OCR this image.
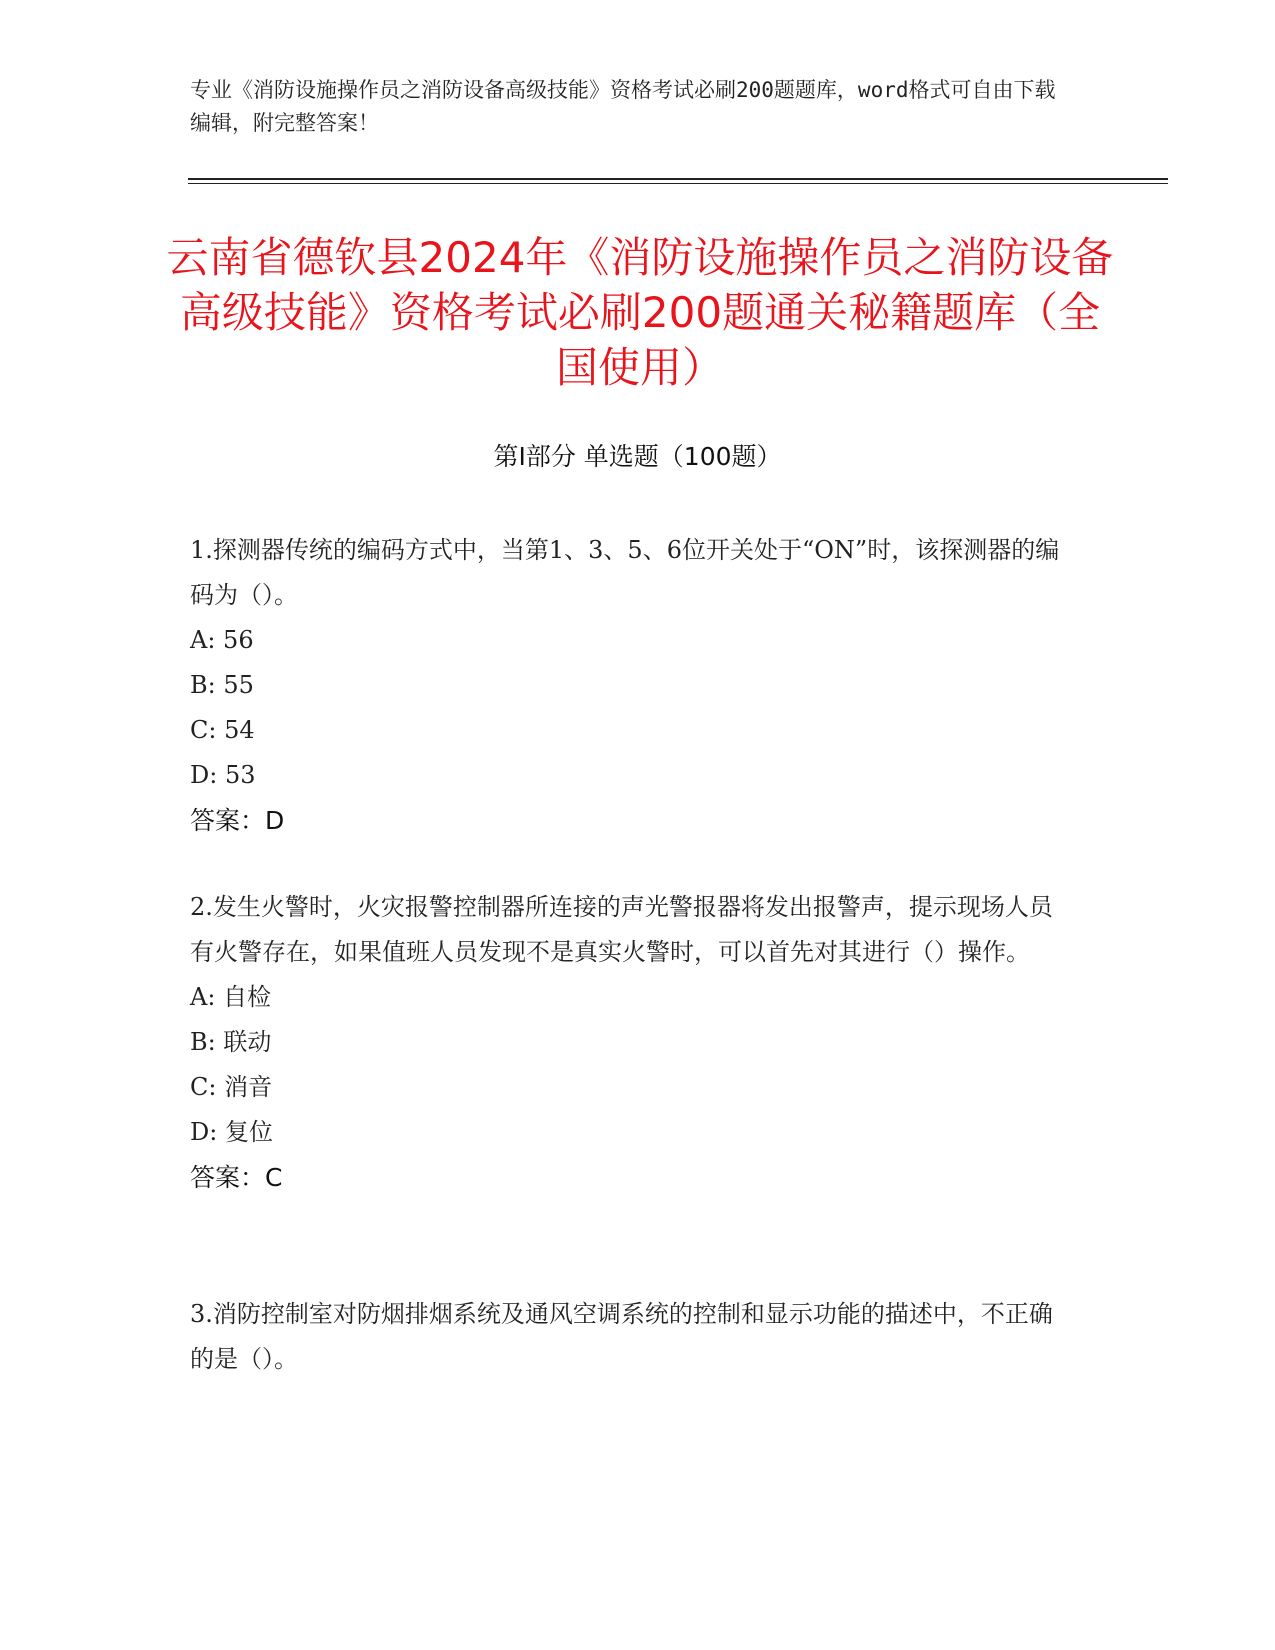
专业《消防设施操作员之消防设备高级技能》资格考试必刷200题题库，word格式可自由下载编辑，附完整答案！
云南省德钦县2024年《消防设施操作员之消防设备高级技能》资格考试必刷200题通关秘籍题库（全国使用）
第Ⅰ部分 单选题（100题）

1.探测器传统的编码方式中，当第1、3、5、6位开关处于“ON”时，该探测器的编码为（）。

A: 56

B: 55

C: 54

D: 53

答案：D

2.发生火警时，火灾报警控制器所连接的声光警报器将发出报警声，提示现场人员有火警存在，如果值班人员发现不是真实火警时，可以首先对其进行（）操作。

A: 自检

B: 联动

C: 消音

D: 复位

答案：C

3.消防控制室对防烟排烟系统及通风空调系统的控制和显示功能的描述中，不正确的是（）。
